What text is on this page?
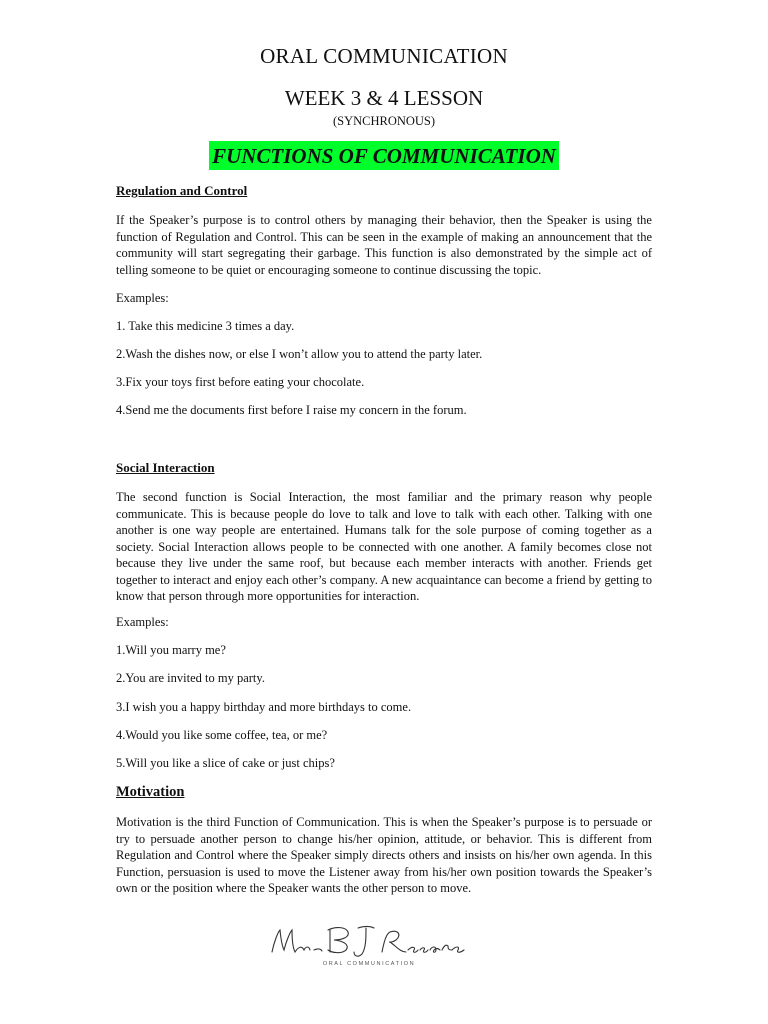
ORAL COMMUNICATION
WEEK 3 & 4 LESSON
(SYNCHRONOUS)
FUNCTIONS OF COMMUNICATION

Regulation and Control

If the Speaker’s purpose is to control others by managing their behavior, then the Speaker is using the function of Regulation and Control. This can be seen in the example of making an announcement that the community will start segregating their garbage. This function is also demonstrated by the simple act of telling someone to be quiet or encouraging someone to continue discussing the topic.

Examples:

1. Take this medicine 3 times a day.

2.Wash the dishes now, or else I won’t allow you to attend the party later.

3.Fix your toys first before eating your chocolate.

4.Send me the documents first before I raise my concern in the forum.

Social Interaction

The second function is Social Interaction, the most familiar and the primary reason why people communicate. This is because people do love to talk and love to talk with each other. Talking with one another is one way people are entertained. Humans talk for the sole purpose of coming together as a society. Social Interaction allows people to be connected with one another. A family becomes close not because they live under the same roof, but because each member interacts with another. Friends get together to interact and enjoy each other’s company. A new acquaintance can become a friend by getting to know that person through more opportunities for interaction.

Examples:

1.Will you marry me?

2.You are invited to my party.

3.I wish you a happy birthday and more birthdays to come.

4.Would you like some coffee, tea, or me?

5.Will you like a slice of cake or just chips?

Motivation

Motivation is the third Function of Communication. This is when the Speaker’s purpose is to persuade or try to persuade another person to change his/her opinion, attitude, or behavior. This is different from Regulation and Control where the Speaker simply directs others and insists on his/her own agenda. In this Function, persuasion is used to move the Listener away from his/her own position towards the Speaker’s own or the position where the Speaker wants the other person to move.

ORAL COMMUNICATION
